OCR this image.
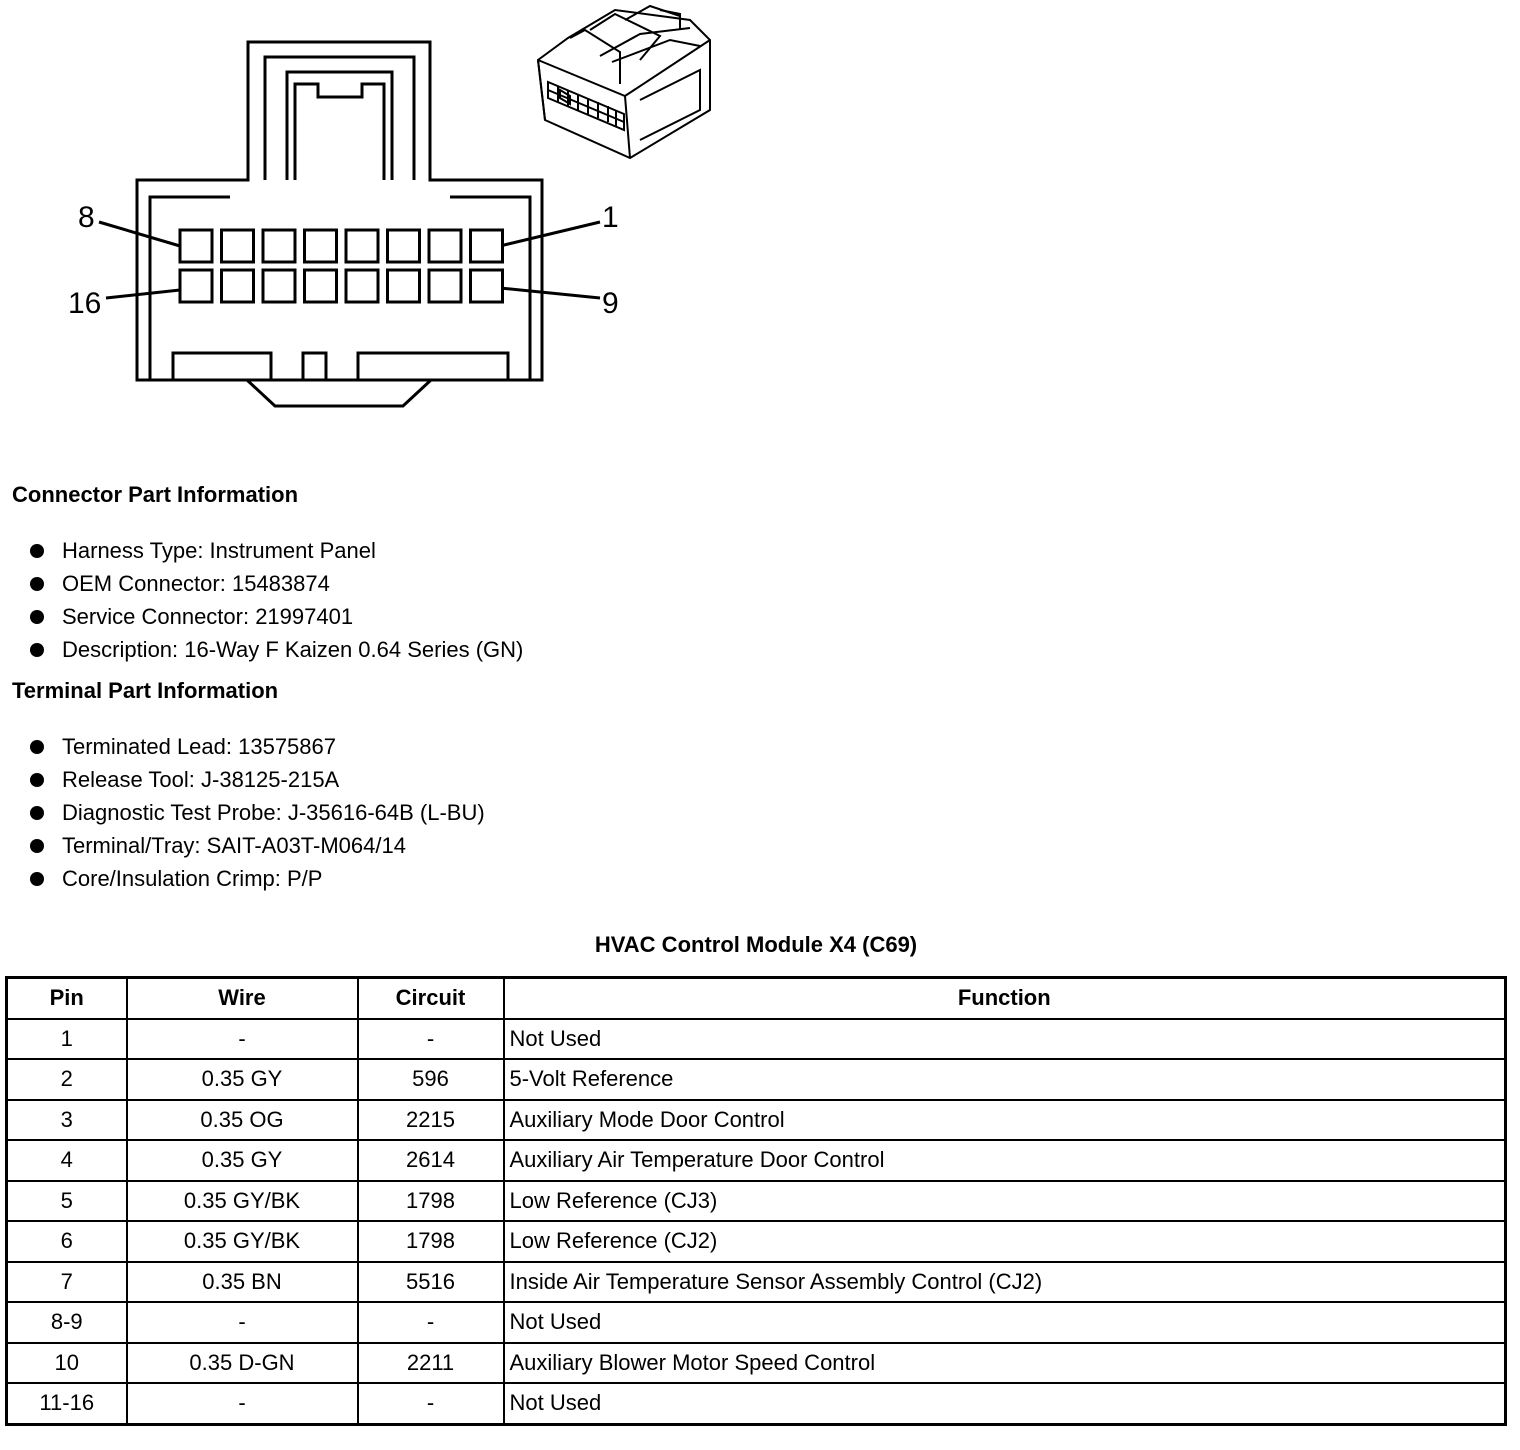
8	1
16	9
Connector Part Information
Harness Type: Instrument Panel
OEM Connector: 15483874
Service Connector: 21997401
Description: 16-Way F Kaizen 0.64 Series (GN)
Terminal Part Information
Terminated Lead: 13575867
Release Tool: J-38125-215A
Diagnostic Test Probe: J-35616-64B (L-BU)
Terminal/Tray: SAIT-A03T-M064/14
Core/Insulation Crimp: P/P
HVAC Control Module X4 (C69)
Pin	Wire	Circuit	Function
1	-	-	Not Used
2	0.35 GY	596	5-Volt Reference
3	0.35 OG	2215	Auxiliary Mode Door Control
4	0.35 GY	2614	Auxiliary Air Temperature Door Control
5	0.35 GY/BK	1798	Low Reference (CJ3)
6	0.35 GY/BK	1798	Low Reference (CJ2)
7	0.35 BN	5516	Inside Air Temperature Sensor Assembly Control (CJ2)
8-9	-	-	Not Used
10	0.35 D-GN	2211	Auxiliary Blower Motor Speed Control
11-16	-	-	Not Used
